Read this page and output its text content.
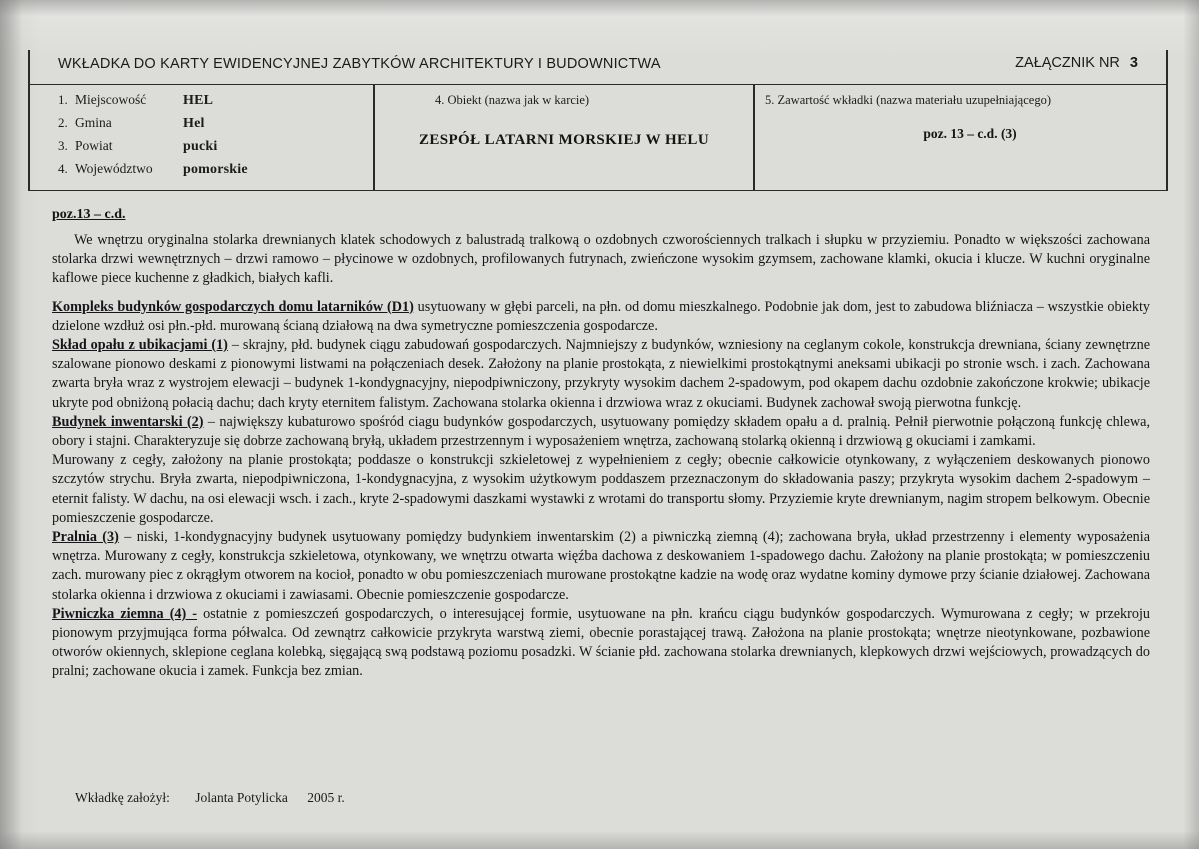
WKŁADKA DO KARTY EWIDENCYJNEJ ZABYTKÓW ARCHITEKTURY I BUDOWNICTWA	ZAŁĄCZNIK NR 3
1. Miejscowość	HEL
2. Gmina	Hel
3. Powiat	pucki
4. Województwo	pomorskie
4. Obiekt (nazwa jak w karcie)
ZESPÓŁ LATARNI MORSKIEJ W HELU
5. Zawartość wkładki (nazwa materiału uzupełniającego)
poz. 13 – c.d. (3)
poz.13 – c.d.

We wnętrzu oryginalna stolarka drewnianych klatek schodowych z balustradą tralkową o ozdobnych czworościennych tralkach i słupku w przyziemiu. Ponadto w większości zachowana stolarka drzwi wewnętrznych – drzwi ramowo – płycinowe w ozdobnych, profilowanych futrynach, zwieńczone wysokim gzymsem, zachowane klamki, okucia i klucze. W kuchni oryginalne kaflowe piece kuchenne z gładkich, białych kafli.

Kompleks budynków gospodarczych domu latarników (D1) usytuowany w głębi parceli, na płn. od domu mieszkalnego. Podobnie jak dom, jest to zabudowa bliźniacza – wszystkie obiekty dzielone wzdłuż osi płn.-płd. murowaną ścianą działową na dwa symetryczne pomieszczenia gospodarcze.

Skład opału z ubikacjami (1) – skrajny, płd. budynek ciągu zabudowań gospodarczych. Najmniejszy z budynków, wzniesiony na ceglanym cokole, konstrukcja drewniana, ściany zewnętrzne szalowane pionowo deskami z pionowymi listwami na połączeniach desek. Założony na planie prostokąta, z niewielkimi prostokątnymi aneksami ubikacji po stronie wsch. i zach. Zachowana zwarta bryła wraz z wystrojem elewacji – budynek 1-kondygnacyjny, niepodpiwniczony, przykryty wysokim dachem 2-spadowym, pod okapem dachu ozdobnie zakończone krokwie; ubikacje ukryte pod obniżoną połacią dachu; dach kryty eternitem falistym. Zachowana stolarka okienna i drzwiowa wraz z okuciami. Budynek zachował swoją pierwotna funkcję.

Budynek inwentarski (2) – największy kubaturowo spośród ciagu budynków gospodarczych, usytuowany pomiędzy składem opału a d. pralnią. Pełnił pierwotnie połączoną funkcję chlewa, obory i stajni. Charakteryzuje się dobrze zachowaną bryłą, układem przestrzennym i wyposażeniem wnętrza, zachowaną stolarką okienną i drzwiową g okuciami i zamkami.

Murowany z cegły, założony na planie prostokąta; poddasze o konstrukcji szkieletowej z wypełnieniem z cegły; obecnie całkowicie otynkowany, z wyłączeniem deskowanych pionowo szczytów strychu. Bryła zwarta, niepodpiwniczona, 1-kondygnacyjna, z wysokim użytkowym poddaszem przeznaczonym do składowania paszy; przykryta wysokim dachem 2-spadowym – eternit falisty. W dachu, na osi elewacji wsch. i zach., kryte 2-spadowymi daszkami wystawki z wrotami do transportu słomy. Przyziemie kryte drewnianym, nagim stropem belkowym. Obecnie pomieszczenie gospodarcze.

Pralnia (3) – niski, 1-kondygnacyjny budynek usytuowany pomiędzy budynkiem inwentarskim (2) a piwniczką ziemną (4); zachowana bryła, układ przestrzenny i elementy wyposażenia wnętrza. Murowany z cegły, konstrukcja szkieletowa, otynkowany, we wnętrzu otwarta więźba dachowa z deskowaniem 1-spadowego dachu. Założony na planie prostokąta; w pomieszczeniu zach. murowany piec z okrągłym otworem na kocioł, ponadto w obu pomieszczeniach murowane prostokątne kadzie na wodę oraz wydatne kominy dymowe przy ścianie działowej. Zachowana stolarka okienna i drzwiowa z okuciami i zawiasami. Obecnie pomieszczenie gospodarcze.

Piwniczka ziemna (4) - ostatnie z pomieszczeń gospodarczych, o interesującej formie, usytuowane na płn. krańcu ciągu budynków gospodarczych. Wymurowana z cegły; w przekroju pionowym przyjmująca forma półwalca. Od zewnątrz całkowicie przykryta warstwą ziemi, obecnie porastającej trawą. Założona na planie prostokąta; wnętrze nieotynkowane, pozbawione otworów okiennych, sklepione ceglana kolebką, sięgającą swą podstawą poziomu posadzki. W ścianie płd. zachowana stolarka drewnianych, klepkowych drzwi wejściowych, prowadzących do pralni; zachowane okucia i zamek. Funkcja bez zmian.

Wkładkę założył: Jolanta Potylicka 2005 r.
